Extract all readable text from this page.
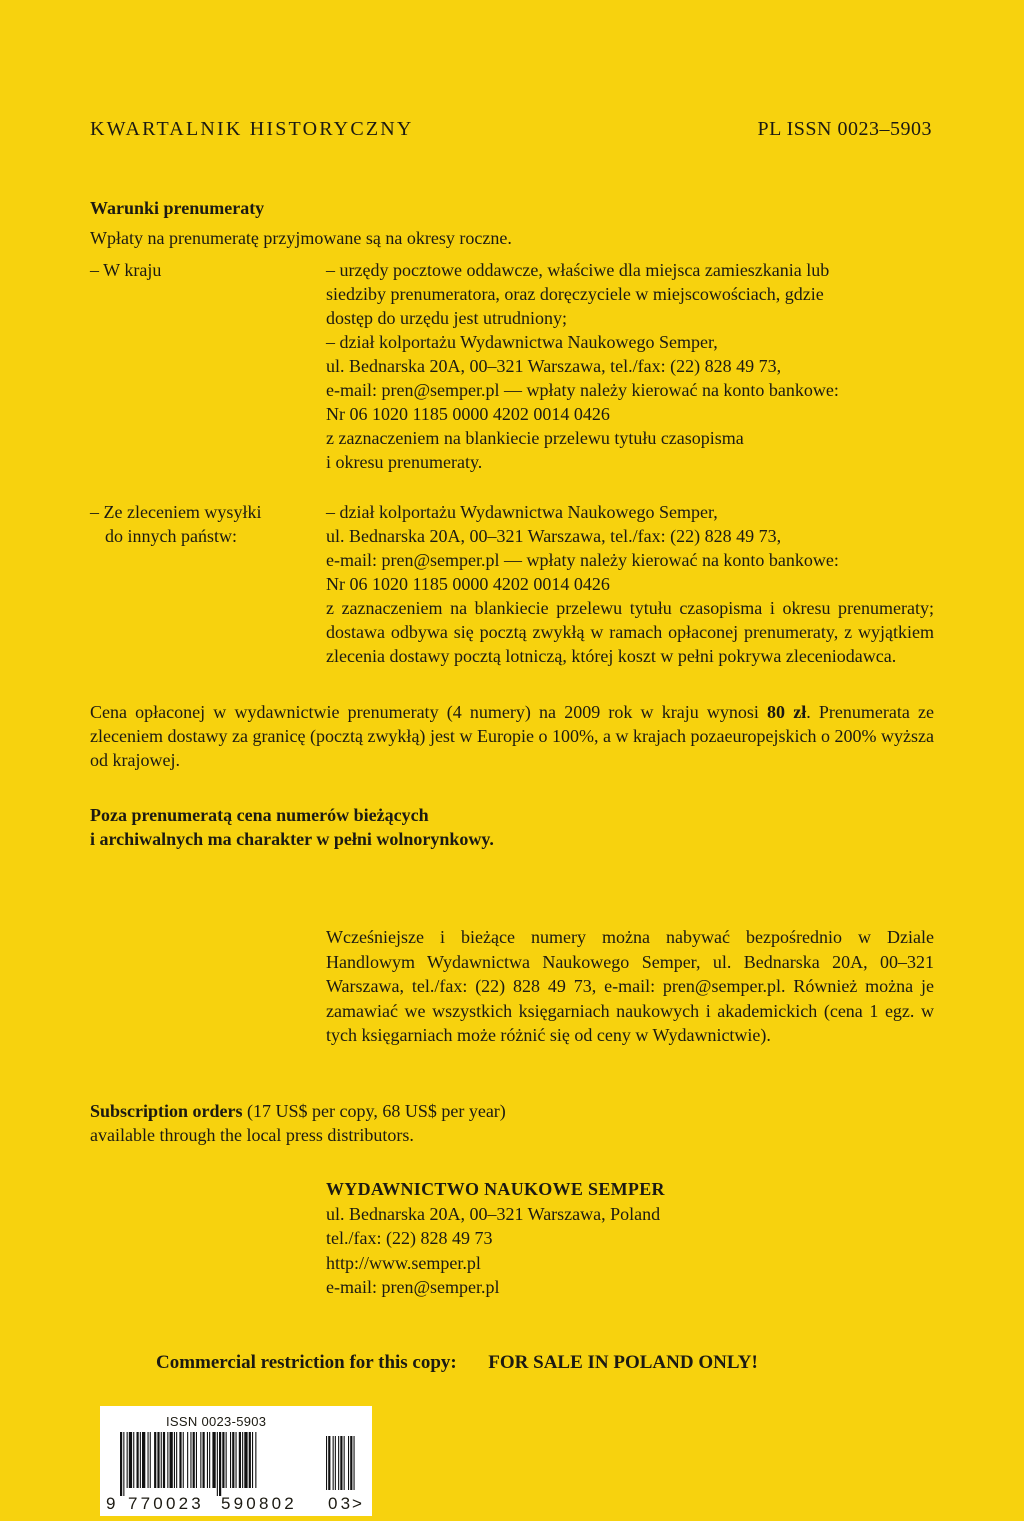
KWARTALNIK HISTORYCZNY	PL ISSN 0023–5903
Warunki prenumeraty
Wpłaty na prenumeratę przyjmowane są na okresy roczne.
– W kraju	– urzędy pocztowe oddawcze, właściwe dla miejsca zamieszkania lub

siedziby prenumeratora, oraz doręczyciele w miejscowościach, gdzie

dostęp do urzędu jest utrudniony;

– dział kolportażu Wydawnictwa Naukowego Semper,

ul. Bednarska 20A, 00–321 Warszawa, tel./fax: (22) 828 49 73,

e-mail: pren@semper.pl — wpłaty należy kierować na konto bankowe:

Nr 06 1020 1185 0000 4202 0014 0426

z zaznaczeniem na blankiecie przelewu tytułu czasopisma

i okresu prenumeraty.

– Ze zleceniem wysyłki
do innych państw:

– dział kolportażu Wydawnictwa Naukowego Semper,

ul. Bednarska 20A, 00–321 Warszawa, tel./fax: (22) 828 49 73,

e-mail: pren@semper.pl — wpłaty należy kierować na konto bankowe:

Nr 06 1020 1185 0000 4202 0014 0426

z zaznaczeniem na blankiecie przelewu tytułu czasopisma i okresu prenumeraty; dostawa odbywa się pocztą zwykłą w ramach opłaconej prenumeraty, z wyjątkiem zlecenia dostawy pocztą lotniczą, której koszt w pełni pokrywa zleceniodawca.

Cena opłaconej w wydawnictwie prenumeraty (4 numery) na 2009 rok w kraju wynosi 80 zł. Prenumerata ze zleceniem dostawy za granicę (pocztą zwykłą) jest w Europie o 100%, a w krajach pozaeuropejskich o 200% wyższa od krajowej.

Poza prenumeratą cena numerów bieżących

i archiwalnych ma charakter w pełni wolnorynkowy.

Wcześniejsze i bieżące numery można nabywać bezpośrednio w Dziale Handlowym Wydawnictwa Naukowego Semper, ul. Bednarska 20A, 00–321 Warszawa, tel./fax: (22) 828 49 73, e-mail: pren@semper.pl. Również można je zamawiać we wszystkich księgarniach naukowych i akademickich (cena 1 egz. w tych księgarniach może różnić się od ceny w Wydawnictwie).

Subscription orders (17 US$ per copy, 68 US$ per year)

available through the local press distributors.

WYDAWNICTWO NAUKOWE SEMPER

ul. Bednarska 20A, 00–321 Warszawa, Poland

tel./fax: (22) 828 49 73

http://www.semper.pl

e-mail: pren@semper.pl

Commercial restriction for this copy: FOR SALE IN POLAND ONLY!
ISSN 0023-5903
9 770023 590802 03
>
